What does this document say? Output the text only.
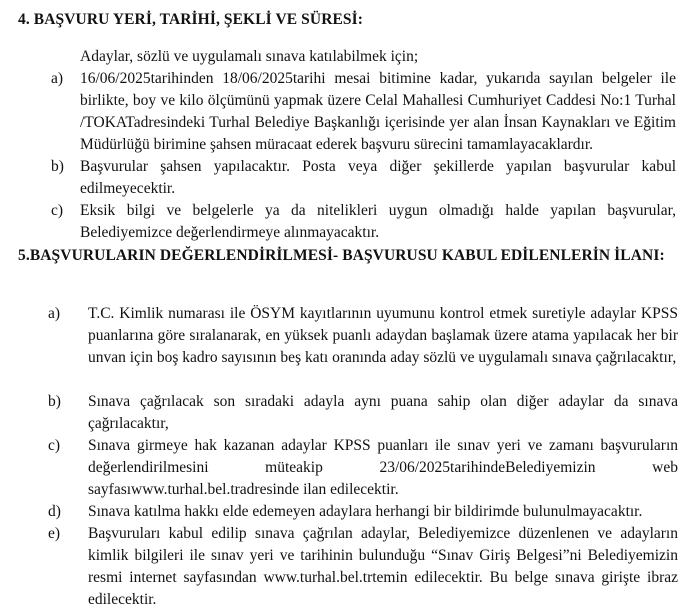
4. BAŞVURU YERİ, TARİHİ, ŞEKLİ VE SÜRESİ:
Adaylar, sözlü ve uygulamalı sınava katılabilmek için;
a)	16/06/2025tarihinden 18/06/2025tarihi mesai bitimine kadar, yukarıda sayılan belgeler ile birlikte, boy ve kilo ölçümünü yapmak üzere Celal Mahallesi Cumhuriyet Caddesi No:1 Turhal /TOKATadresindeki Turhal Belediye Başkanlığı içerisinde yer alan İnsan Kaynakları ve Eğitim Müdürlüğü birimine şahsen müracaat ederek başvuru sürecini tamamlayacaklardır.
b)	Başvurular şahsen yapılacaktır. Posta veya diğer şekillerde yapılan başvurular kabul edilmeyecektir.
c)	Eksik bilgi ve belgelerle ya da nitelikleri uygun olmadığı halde yapılan başvurular, Belediyemizce değerlendirmeye alınmayacaktır.
5.BAŞVURULARIN DEĞERLENDİRİLMESİ- BAŞVURUSU KABUL EDİLENLERİN İLANI:
a)	T.C. Kimlik numarası ile ÖSYM kayıtlarının uyumunu kontrol etmek suretiyle adaylar KPSS puanlarına göre sıralanarak, en yüksek puanlı adaydan başlamak üzere atama yapılacak her bir unvan için boş kadro sayısının beş katı oranında aday sözlü ve uygulamalı sınava çağrılacaktır,
b)	Sınava çağrılacak son sıradaki adayla aynı puana sahip olan diğer adaylar da sınava çağrılacaktır,
c)	Sınava girmeye hak kazanan adaylar KPSS puanları ile sınav yeri ve zamanı başvuruların değerlendirilmesini müteakip 23/06/2025tarihindeBelediyemizin web sayfasıwww.turhal.bel.tradresinde ilan edilecektir.
d)	Sınava katılma hakkı elde edemeyen adaylara herhangi bir bildirimde bulunulmayacaktır.
e)	Başvuruları kabul edilip sınava çağrılan adaylar, Belediyemizce düzenlenen ve adayların kimlik bilgileri ile sınav yeri ve tarihinin bulunduğu “Sınav Giriş Belgesi”ni Belediyemizin resmi internet sayfasından www.turhal.bel.trtemin edilecektir. Bu belge sınava girişte ibraz edilecektir.
